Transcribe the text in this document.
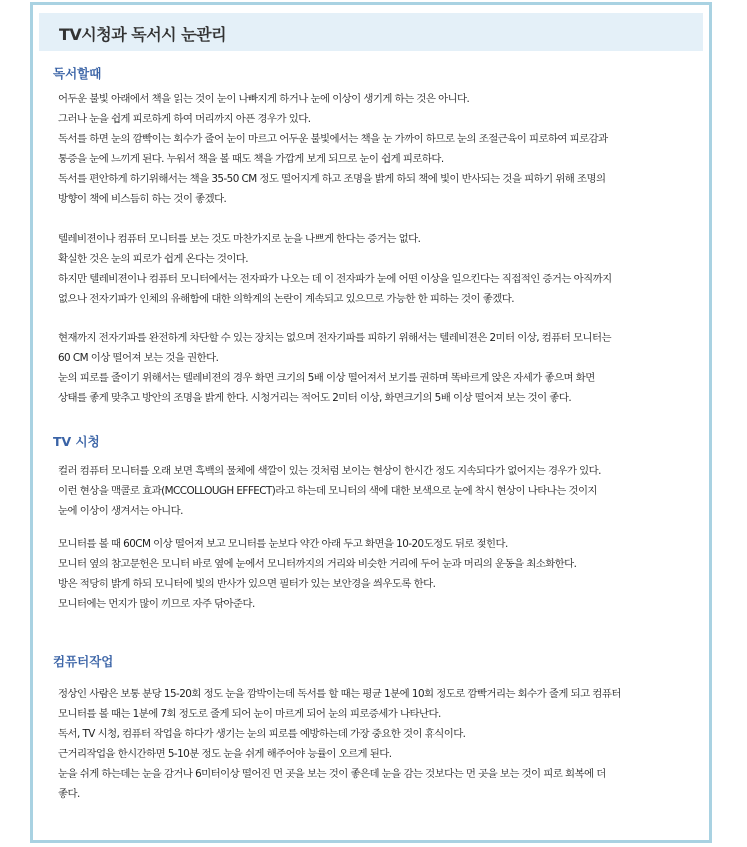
TV시청과 독서시 눈관리
독서할때
어두운 불빛 아래에서 책을 읽는 것이 눈이 나빠지게 하거나 눈에 이상이 생기게 하는 것은 아니다.
그러나 눈을 쉽게 피로하게 하여 머리까지 아픈 경우가 있다.
독서를 하면 눈의 깜빡이는 회수가 줄어 눈이 마르고 어두운 불빛에서는 책을 눈 가까이 하므로 눈의 조절근육이 피로하여 피로감과
통증을 눈에 느끼게 된다. 누워서 책을 볼 때도 책을 가깝게 보게 되므로 눈이 쉽게 피로하다.
독서를 편안하게 하기위해서는 책을 35-50 CM 정도 떨어지게 하고 조명을 밝게 하되 책에 빛이 반사되는 것을 피하기 위해 조명의
방향이 책에 비스듬히 하는 것이 좋겠다.
텔레비젼이나 컴퓨터 모니터를 보는 것도 마찬가지로 눈을 나쁘게 한다는 증거는 없다.
확실한 것은 눈의 피로가 쉽게 온다는 것이다.
하지만 텔레비젼이나 컴퓨터 모니터에서는 전자파가 나오는 데 이 전자파가 눈에 어떤 이상을 일으킨다는 직접적인 증거는 아직까지
없으나 전자기파가 인체의 유해함에 대한 의학계의 논란이 계속되고 있으므로 가능한 한 피하는 것이 좋겠다.
현재까지 전자기파를 완전하게 차단할 수 있는 장치는 없으며 전자기파를 피하기 위해서는 텔레비젼은 2미터 이상, 컴퓨터 모니터는
60 CM 이상 떨어져 보는 것을 권한다.
눈의 피로를 줄이기 위해서는 텔레비젼의 경우 화면 크기의 5배 이상 떨어져서 보기를 권하며 똑바르게 앉은 자세가 좋으며 화면
상태를 좋게 맞추고 방안의 조명을 밝게 한다. 시청거리는 적어도 2미터 이상, 화면크기의 5배 이상 떨어져 보는 것이 좋다.
TV 시청
컬러 컴퓨터 모니터를 오래 보면 흑백의 물체에 색깔이 있는 것처럼 보이는 현상이 한시간 정도 지속되다가 없어지는 경우가 있다.
이런 현상을 맥콜로 효과(MCCOLLOUGH EFFECT)라고 하는데 모니터의 색에 대한 보색으로 눈에 착시 현상이 나타나는 것이지
눈에 이상이 생겨서는 아니다.
모니터를 볼 때 60CM 이상 떨어져 보고 모니터를 눈보다 약간 아래 두고 화면을 10-20도정도 뒤로 젖힌다.
모니터 옆의 참고문헌은 모니터 바로 옆에 눈에서 모니터까지의 거리와 비슷한 거리에 두어 눈과 머리의 운동을 최소화한다.
방은 적당히 밝게 하되 모니터에 빛의 반사가 있으면 필터가 있는 보안경을 씌우도록 한다.
모니터에는 먼지가 많이 끼므로 자주 닦아준다.
컴퓨터작업
정상인 사람은 보통 분당 15-20회 정도 눈을 깜박이는데 독서를 할 때는 평균 1분에 10회 정도로 깜빡거리는 회수가 줄게 되고 컴퓨터
모니터를 볼 때는 1분에 7회 정도로 줄게 되어 눈이 마르게 되어 눈의 피로증세가 나타난다.
독서, TV 시청, 컴퓨터 작업을 하다가 생기는 눈의 피로를 예방하는데 가장 중요한 것이 휴식이다.
근거리작업을 한시간하면 5-10분 정도 눈을 쉬게 해주어야 능률이 오르게 된다.
눈을 쉬게 하는데는 눈을 감거나 6미터이상 떨어진 먼 곳을 보는 것이 좋은데 눈을 감는 것보다는 먼 곳을 보는 것이 피로 회복에 더
좋다.
